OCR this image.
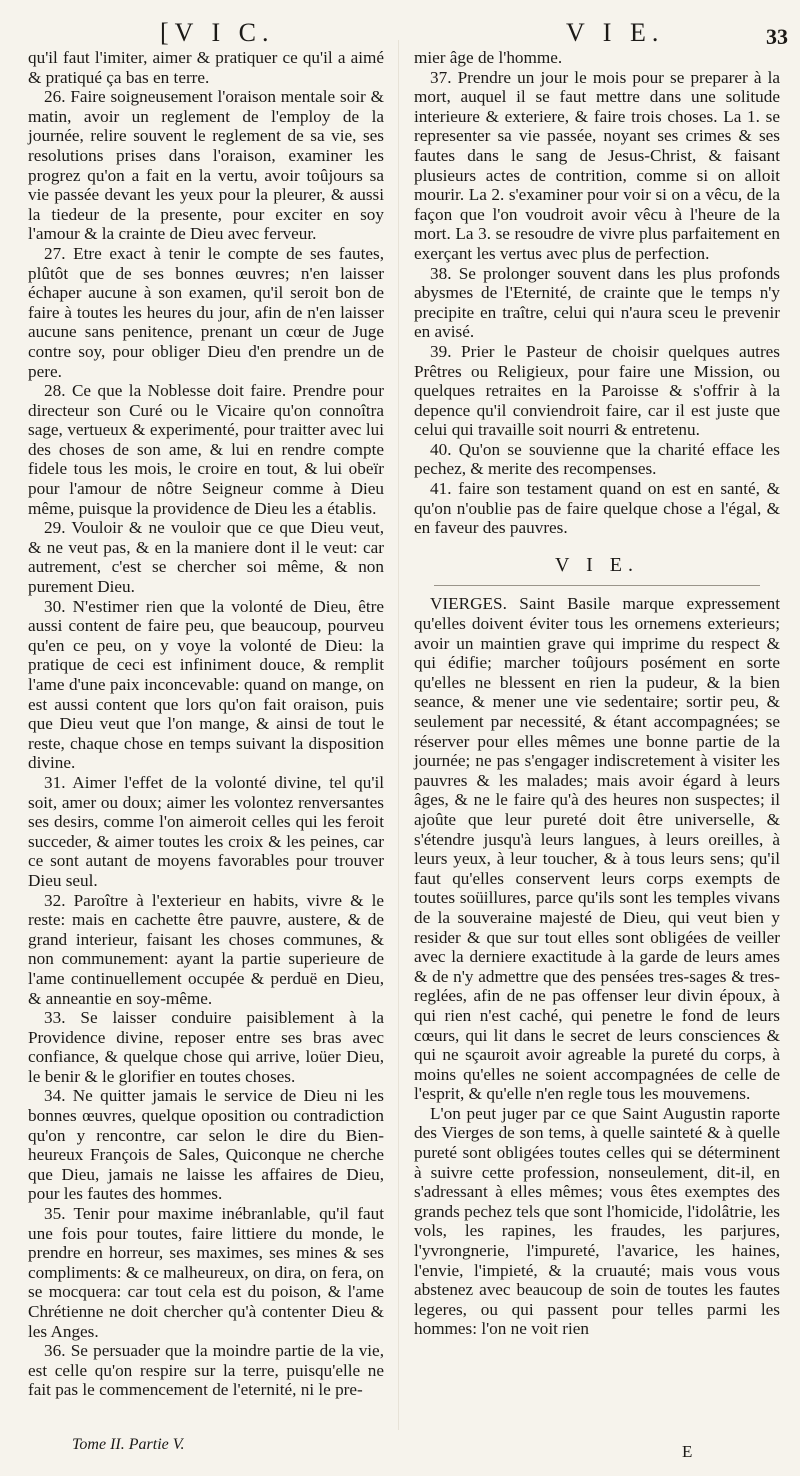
[V I C.	V I E.	33

qu'il faut l'imiter, aimer & pratiquer ce qu'il a aimé & pratiqué ça bas en terre.

26. Faire soigneusement l'oraison mentale soir & matin, avoir un reglement de l'employ de la journée, relire souvent le reglement de sa vie, ses resolutions prises dans l'oraison, examiner les progrez qu'on a fait en la vertu, avoir toûjours sa vie passée devant les yeux pour la pleurer, & aussi la tiedeur de la presente, pour exciter en soy l'amour & la crainte de Dieu avec ferveur.

27. Etre exact à tenir le compte de ses fautes, plûtôt que de ses bonnes œuvres; n'en laisser échaper aucune à son examen, qu'il seroit bon de faire à toutes les heures du jour, afin de n'en laisser aucune sans penitence, prenant un cœur de Juge contre soy, pour obliger Dieu d'en prendre un de pere.

28. Ce que la Noblesse doit faire. Prendre pour directeur son Curé ou le Vicaire qu'on connoîtra sage, vertueux & experimenté, pour traitter avec lui des choses de son ame, & lui en rendre compte fidele tous les mois, le croire en tout, & lui obeïr pour l'amour de nôtre Seigneur comme à Dieu même, puisque la providence de Dieu les a établis.

29. Vouloir & ne vouloir que ce que Dieu veut, & ne veut pas, & en la maniere dont il le veut: car autrement, c'est se chercher soi même, & non purement Dieu.

30. N'estimer rien que la volonté de Dieu, être aussi content de faire peu, que beaucoup, pourveu qu'en ce peu, on y voye la volonté de Dieu: la pratique de ceci est infiniment douce, & remplit l'ame d'une paix inconcevable: quand on mange, on est aussi content que lors qu'on fait oraison, puis que Dieu veut que l'on mange, & ainsi de tout le reste, chaque chose en temps suivant la disposition divine.

31. Aimer l'effet de la volonté divine, tel qu'il soit, amer ou doux; aimer les volontez renversantes ses desirs, comme l'on aimeroit celles qui les feroit succeder, & aimer toutes les croix & les peines, car ce sont autant de moyens favorables pour trouver Dieu seul.

32. Paroître à l'exterieur en habits, vivre & le reste: mais en cachette être pauvre, austere, & de grand interieur, faisant les choses communes, & non communement: ayant la partie superieure de l'ame continuellement occupée & perduë en Dieu, & anneantie en soy-même.

33. Se laisser conduire paisiblement à la Providence divine, reposer entre ses bras avec confiance, & quelque chose qui arrive, loüer Dieu, le benir & le glorifier en toutes choses.

34. Ne quitter jamais le service de Dieu ni les bonnes œuvres, quelque oposition ou contradiction qu'on y rencontre, car selon le dire du Bien-heureux François de Sales, Quiconque ne cherche que Dieu, jamais ne laisse les affaires de Dieu, pour les fautes des hommes.

35. Tenir pour maxime inébranlable, qu'il faut une fois pour toutes, faire littiere du monde, le prendre en horreur, ses maximes, ses mines & ses compliments: & ce malheureux, on dira, on fera, on se mocquera: car tout cela est du poison, & l'ame Chrétienne ne doit chercher qu'à contenter Dieu & les Anges.

36. Se persuader que la moindre partie de la vie, est celle qu'on respire sur la terre, puisqu'elle ne fait pas le commencement de l'eternité, ni le pre-

mier âge de l'homme.

37. Prendre un jour le mois pour se preparer à la mort, auquel il se faut mettre dans une solitude interieure & exteriere, & faire trois choses. La 1. se representer sa vie passée, noyant ses crimes & ses fautes dans le sang de Jesus-Christ, & faisant plusieurs actes de contrition, comme si on alloit mourir. La 2. s'examiner pour voir si on a vêcu, de la façon que l'on voudroit avoir vêcu à l'heure de la mort. La 3. se resoudre de vivre plus parfaitement en exerçant les vertus avec plus de perfection.

38. Se prolonger souvent dans les plus profonds abysmes de l'Eternité, de crainte que le temps n'y precipite en traître, celui qui n'aura sceu le prevenir en avisé.

39. Prier le Pasteur de choisir quelques autres Prêtres ou Religieux, pour faire une Mission, ou quelques retraites en la Paroisse & s'offrir à la depence qu'il conviendroit faire, car il est juste que celui qui travaille soit nourri & entretenu.

40. Qu'on se souvienne que la charité efface les pechez, & merite des recompenses.

41. faire son testament quand on est en santé, & qu'on n'oublie pas de faire quelque chose a l'égal, & en faveur des pauvres.

V I E.

VIERGES. Saint Basile marque expressement qu'elles doivent éviter tous les ornemens exterieurs; avoir un maintien grave qui imprime du respect & qui édifie; marcher toûjours posément en sorte qu'elles ne blessent en rien la pudeur, & la bien seance, & mener une vie sedentaire; sortir peu, & seulement par necessité, & étant accompagnées; se réserver pour elles mêmes une bonne partie de la journée; ne pas s'engager indiscretement à visiter les pauvres & les malades; mais avoir égard à leurs âges, & ne le faire qu'à des heures non suspectes; il ajoûte que leur pureté doit être universelle, & s'étendre jusqu'à leurs langues, à leurs oreilles, à leurs yeux, à leur toucher, & à tous leurs sens; qu'il faut qu'elles conservent leurs corps exempts de toutes soüillures, parce qu'ils sont les temples vivans de la souveraine majesté de Dieu, qui veut bien y resider & que sur tout elles sont obligées de veiller avec la derniere exactitude à la garde de leurs ames & de n'y admettre que des pensées tres-sages & tres-reglées, afin de ne pas offenser leur divin époux, à qui rien n'est caché, qui penetre le fond de leurs cœurs, qui lit dans le secret de leurs consciences & qui ne sçauroit avoir agreable la pureté du corps, à moins qu'elles ne soient accompagnées de celle de l'esprit, & qu'elle n'en regle tous les mouvemens.

L'on peut juger par ce que Saint Augustin raporte des Vierges de son tems, à quelle sainteté & à quelle pureté sont obligées toutes celles qui se déterminent à suivre cette profession, nonseulement, dit-il, en s'adressant à elles mêmes; vous êtes exemptes des grands pechez tels que sont l'homicide, l'idolâtrie, les vols, les rapines, les fraudes, les parjures, l'yvrongnerie, l'impureté, l'avarice, les haines, l'envie, l'impieté, & la cruauté; mais vous vous abstenez avec beaucoup de soin de toutes les fautes legeres, ou qui passent pour telles parmi les hommes: l'on ne voit rien

Tome II. Partie V.	E
